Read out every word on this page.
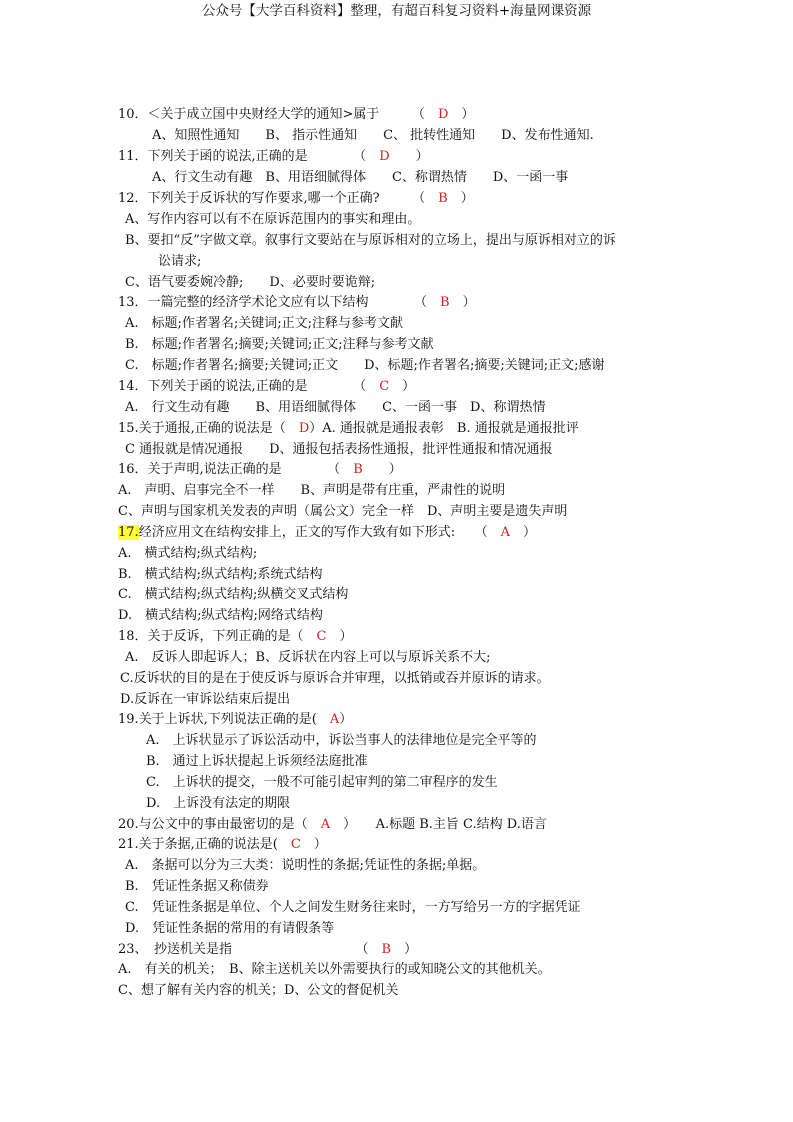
公众号【大学百科资料】整理，有超百科复习资料+海量网课资源
10．＜关于成立国中央财经大学的通知>属于　　　（　D　）
A、知照性通知　　B、 指示性通知　　C、 批转性通知　　D、发布性通知.
11．下列关于函的说法,正确的是　　　　（　D　　）
A、行文生动有趣　B、用语细腻得体　　C、称谓热情　　D、一函一事
12．下列关于反诉状的写作要求,哪一个正确?　　　（　B　）
A、写作内容可以有不在原诉范围内的事实和理由。
B、要扣“反”字做文章。叙事行文要站在与原诉相对的立场上，提出与原诉相对立的诉
讼请求;
C、语气要委婉冷静;　　D、必要时要诡辩;
13．一篇完整的经济学术论文应有以下结构　　　　（　B　）
A.　标题;作者署名;关键词;正文;注释与参考文献
B.　标题;作者署名;摘要;关键词;正文;注释与参考文献
C.　标题;作者署名;摘要;关键词;正文　　D、标题;作者署名;摘要;关键词;正文;感谢
14．下列关于函的说法,正确的是　　　　（　C　）
A.　行文生动有趣　　B、用语细腻得体　　C、一函一事　D、称谓热情
15.关于通报,正确的说法是（　D）A. 通报就是通报表彰　B. 通报就是通报批评
C 通报就是情况通报　　D、通报包括表扬性通报，批评性通报和情况通报
16．关于声明,说法正确的是　　　　（　B　　）
A.　声明、启事完全不一样　　B、声明是带有庄重，严肃性的说明
C、声明与国家机关发表的声明（属公文）完全一样　D、声明主要是遗失声明
17.经济应用文在结构安排上，正文的写作大致有如下形式:　　（　A　）
A.　横式结构;纵式结构;
B.　横式结构;纵式结构;系统式结构
C.　横式结构;纵式结构;纵横交叉式结构
D.　横式结构;纵式结构;网络式结构
18．关于反诉，下列正确的是（　C　）
A.　反诉人即起诉人；B、反诉状在内容上可以与原诉关系不大;
C.反诉状的目的是在于使反诉与原诉合并审理，以抵销或吞并原诉的请求。
D.反诉在一审诉讼结束后提出
19.关于上诉状,下列说法正确的是(　A）
A.　上诉状显示了诉讼活动中，诉讼当事人的法律地位是完全平等的
B.　通过上诉状提起上诉须经法庭批准
C.　上诉状的提交，一般不可能引起审判的第二审程序的发生
D.　上诉没有法定的期限
20.与公文中的事由最密切的是（　A　）　　A.标题 B.主旨 C.结构 D.语言
21.关于条据,正确的说法是(　C　）
A.　条据可以分为三大类：说明性的条据;凭证性的条据;单据。
B.　凭证性条据又称债券
C.　凭证性条据是单位、个人之间发生财务往来时，一方写给另一方的字据凭证
D.　凭证性条据的常用的有请假条等
23、　抄送机关是指　　　　　　　　　　（　B　）
A.　有关的机关；　B、除主送机关以外需要执行的或知晓公文的其他机关。
C、想了解有关内容的机关；D、公文的督促机关
